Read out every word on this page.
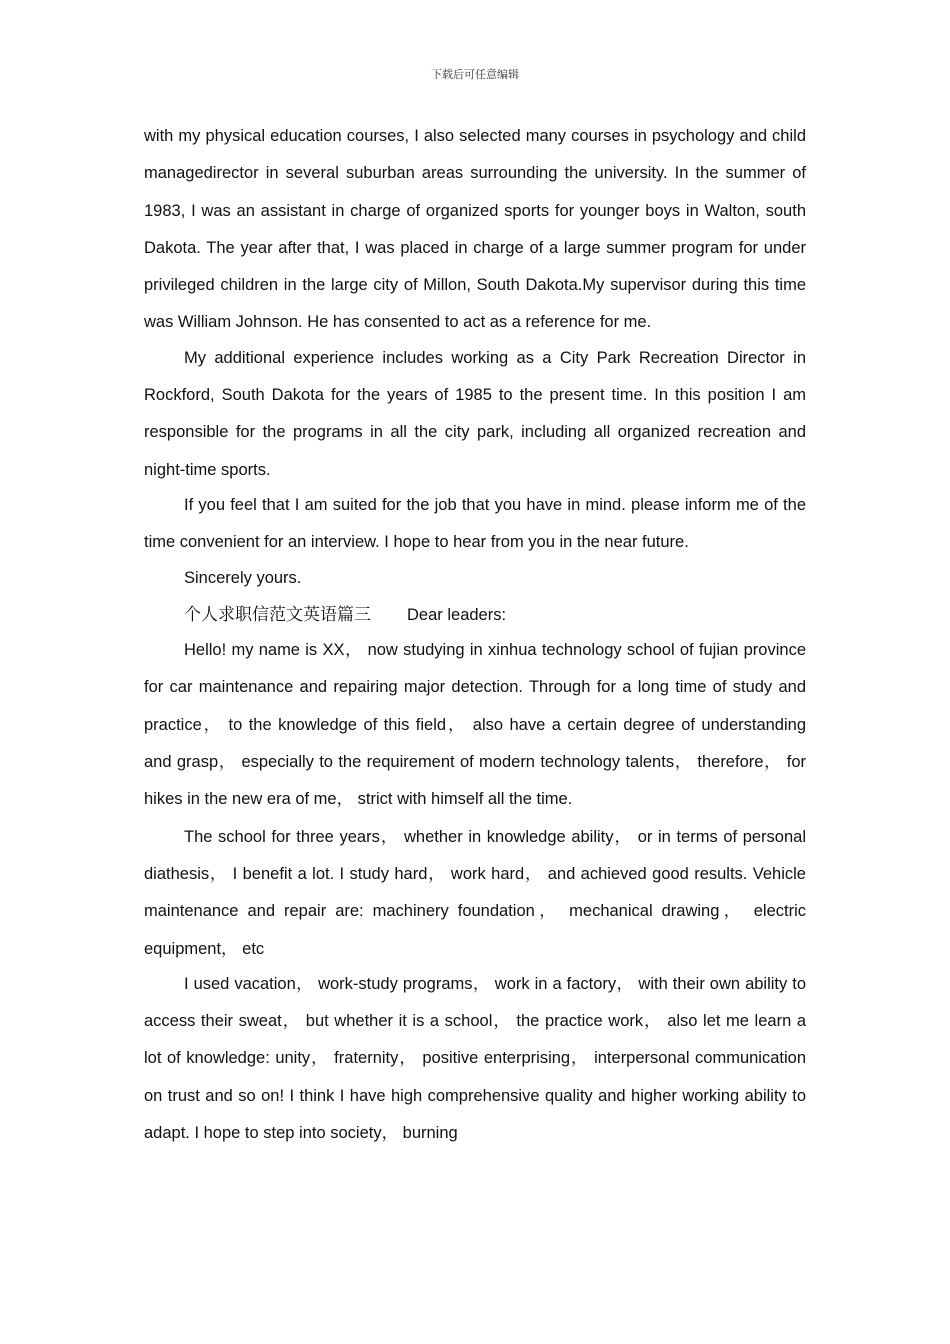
下载后可任意编辑

with my physical education courses, I also selected many courses in psychology and child managedirector in several suburban areas surrounding the university. In the summer of 1983, I was an assistant in charge of organized sports for younger boys in Walton, south Dakota. The year after that, I was placed in charge of a large summer program for under privileged children in the large city of Millon, South Dakota.My supervisor during this time was William Johnson. He has consented to act as a reference for me.

My additional experience includes working as a City Park Recreation Director in Rockford, South Dakota for the years of 1985 to the present time. In this position I am responsible for the programs in all the city park, including all organized recreation and night-time sports.

If you feel that I am suited for the job that you have in mind. please inform me of the time convenient for an interview. I hope to hear from you in the near future.

Sincerely yours.

个人求职信范文英语篇三 Dear leaders:

Hello! my name is XX， now studying in xinhua technology school of fujian province for car maintenance and repairing major detection. Through for a long time of study and practice， to the knowledge of this field， also have a certain degree of understanding and grasp， especially to the requirement of modern technology talents， therefore， for hikes in the new era of me， strict with himself all the time.

The school for three years， whether in knowledge ability， or in terms of personal diathesis， I benefit a lot. I study hard， work hard， and achieved good results. Vehicle maintenance and repair are: machinery foundation， mechanical drawing， electric equipment， etc

I used vacation， work-study programs， work in a factory， with their own ability to access their sweat， but whether it is a school， the practice work， also let me learn a lot of knowledge: unity， fraternity， positive enterprising， interpersonal communication on trust and so on! I think I have high comprehensive quality and higher working ability to adapt. I hope to step into society， burning
